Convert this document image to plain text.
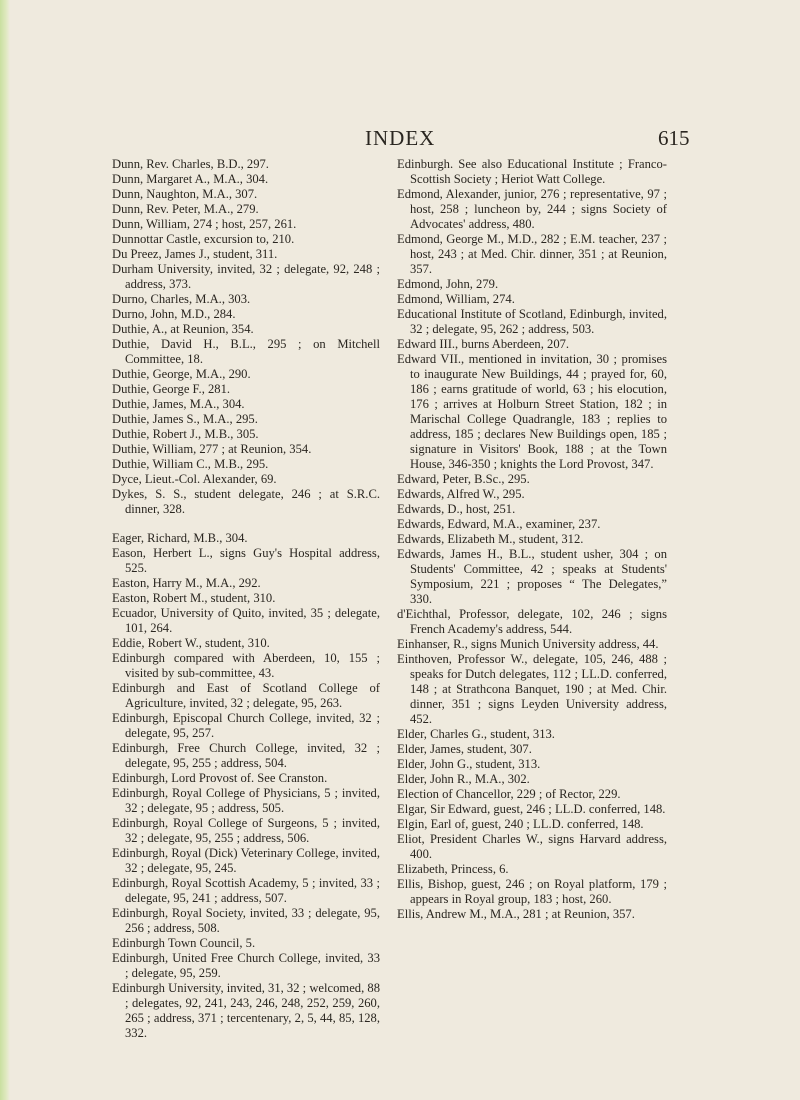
INDEX	615
Dunn, Rev. Charles, B.D., 297.
Dunn, Margaret A., M.A., 304.
Dunn, Naughton, M.A., 307.
Dunn, Rev. Peter, M.A., 279.
Dunn, William, 274 ; host, 257, 261.
Dunnottar Castle, excursion to, 210.
Du Preez, James J., student, 311.
Durham University, invited, 32 ; delegate, 92, 248 ; address, 373.
Durno, Charles, M.A., 303.
Durno, John, M.D., 284.
Duthie, A., at Reunion, 354.
Duthie, David H., B.L., 295 ; on Mitchell Committee, 18.
Duthie, George, M.A., 290.
Duthie, George F., 281.
Duthie, James, M.A., 304.
Duthie, James S., M.A., 295.
Duthie, Robert J., M.B., 305.
Duthie, William, 277 ; at Reunion, 354.
Duthie, William C., M.B., 295.
Dyce, Lieut.-Col. Alexander, 69.
Dykes, S. S., student delegate, 246 ; at S.R.C. dinner, 328.
Eager, Richard, M.B., 304.
Eason, Herbert L., signs Guy's Hospital address, 525.
Easton, Harry M., M.A., 292.
Easton, Robert M., student, 310.
Ecuador, University of Quito, invited, 35 ; delegate, 101, 264.
Eddie, Robert W., student, 310.
Edinburgh compared with Aberdeen, 10, 155 ; visited by sub-committee, 43.
Edinburgh and East of Scotland College of Agriculture, invited, 32 ; delegate, 95, 263.
Edinburgh, Episcopal Church College, invited, 32 ; delegate, 95, 257.
Edinburgh, Free Church College, invited, 32 ; delegate, 95, 255 ; address, 504.
Edinburgh, Lord Provost of. See Cranston.
Edinburgh, Royal College of Physicians, 5 ; invited, 32 ; delegate, 95 ; address, 505.
Edinburgh, Royal College of Surgeons, 5 ; invited, 32 ; delegate, 95, 255 ; address, 506.
Edinburgh, Royal (Dick) Veterinary College, invited, 32 ; delegate, 95, 245.
Edinburgh, Royal Scottish Academy, 5 ; invited, 33 ; delegate, 95, 241 ; address, 507.
Edinburgh, Royal Society, invited, 33 ; delegate, 95, 256 ; address, 508.
Edinburgh Town Council, 5.
Edinburgh, United Free Church College, invited, 33 ; delegate, 95, 259.
Edinburgh University, invited, 31, 32 ; welcomed, 88 ; delegates, 92, 241, 243, 246, 248, 252, 259, 260, 265 ; address, 371 ; tercentenary, 2, 5, 44, 85, 128, 332.
Edinburgh. See also Educational Institute ; Franco-Scottish Society ; Heriot Watt College.
Edmond, Alexander, junior, 276 ; representative, 97 ; host, 258 ; luncheon by, 244 ; signs Society of Advocates' address, 480.
Edmond, George M., M.D., 282 ; E.M. teacher, 237 ; host, 243 ; at Med. Chir. dinner, 351 ; at Reunion, 357.
Edmond, John, 279.
Edmond, William, 274.
Educational Institute of Scotland, Edinburgh, invited, 32 ; delegate, 95, 262 ; address, 503.
Edward III., burns Aberdeen, 207.
Edward VII., mentioned in invitation, 30 ; promises to inaugurate New Buildings, 44 ; prayed for, 60, 186 ; earns gratitude of world, 63 ; his elocution, 176 ; arrives at Holburn Street Station, 182 ; in Marischal College Quadrangle, 183 ; replies to address, 185 ; declares New Buildings open, 185 ; signature in Visitors' Book, 188 ; at the Town House, 346-350 ; knights the Lord Provost, 347.
Edward, Peter, B.Sc., 295.
Edwards, Alfred W., 295.
Edwards, D., host, 251.
Edwards, Edward, M.A., examiner, 237.
Edwards, Elizabeth M., student, 312.
Edwards, James H., B.L., student usher, 304 ; on Students' Committee, 42 ; speaks at Students' Symposium, 221 ; proposes “ The Delegates,” 330.
d'Eichthal, Professor, delegate, 102, 246 ; signs French Academy's address, 544.
Einhanser, R., signs Munich University address, 44.
Einthoven, Professor W., delegate, 105, 246, 488 ; speaks for Dutch delegates, 112 ; LL.D. conferred, 148 ; at Strathcona Banquet, 190 ; at Med. Chir. dinner, 351 ; signs Leyden University address, 452.
Elder, Charles G., student, 313.
Elder, James, student, 307.
Elder, John G., student, 313.
Elder, John R., M.A., 302.
Election of Chancellor, 229 ; of Rector, 229.
Elgar, Sir Edward, guest, 246 ; LL.D. conferred, 148.
Elgin, Earl of, guest, 240 ; LL.D. conferred, 148.
Eliot, President Charles W., signs Harvard address, 400.
Elizabeth, Princess, 6.
Ellis, Bishop, guest, 246 ; on Royal platform, 179 ; appears in Royal group, 183 ; host, 260.
Ellis, Andrew M., M.A., 281 ; at Reunion, 357.
